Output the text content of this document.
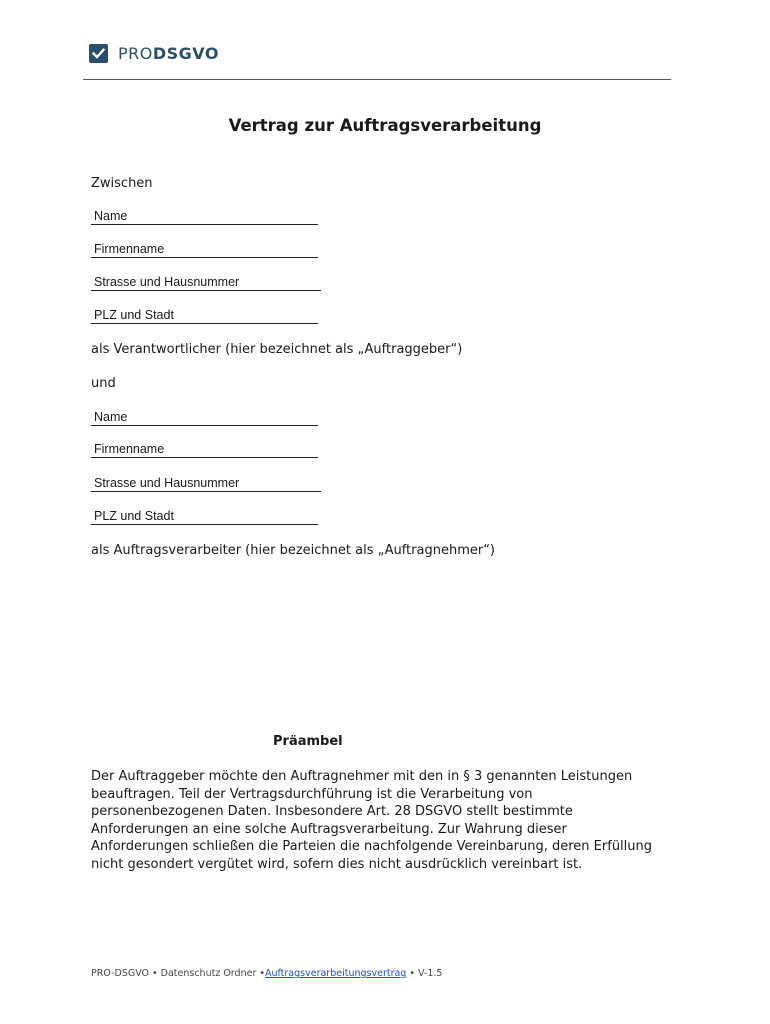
PRODSGVO
Vertrag zur Auftragsverarbeitung
Zwischen
Name
Firmenname
Strasse und Hausnummer
PLZ und Stadt
als Verantwortlicher (hier bezeichnet als „Auftraggeber“)
und
Name
Firmenname
Strasse und Hausnummer
PLZ und Stadt
als Auftragsverarbeiter (hier bezeichnet als „Auftragnehmer“)
Präambel
Der Auftraggeber möchte den Auftragnehmer mit den in § 3 genannten Leistungen
beauftragen. Teil der Vertragsdurchführung ist die Verarbeitung von
personenbezogenen Daten. Insbesondere Art. 28 DSGVO stellt bestimmte
Anforderungen an eine solche Auftragsverarbeitung. Zur Wahrung dieser
Anforderungen schließen die Parteien die nachfolgende Vereinbarung, deren Erfüllung
nicht gesondert vergütet wird, sofern dies nicht ausdrücklich vereinbart ist.
PRO-DSGVO • Datenschutz Ordner •Auftragsverarbeitungsvertrag • V-1.5
